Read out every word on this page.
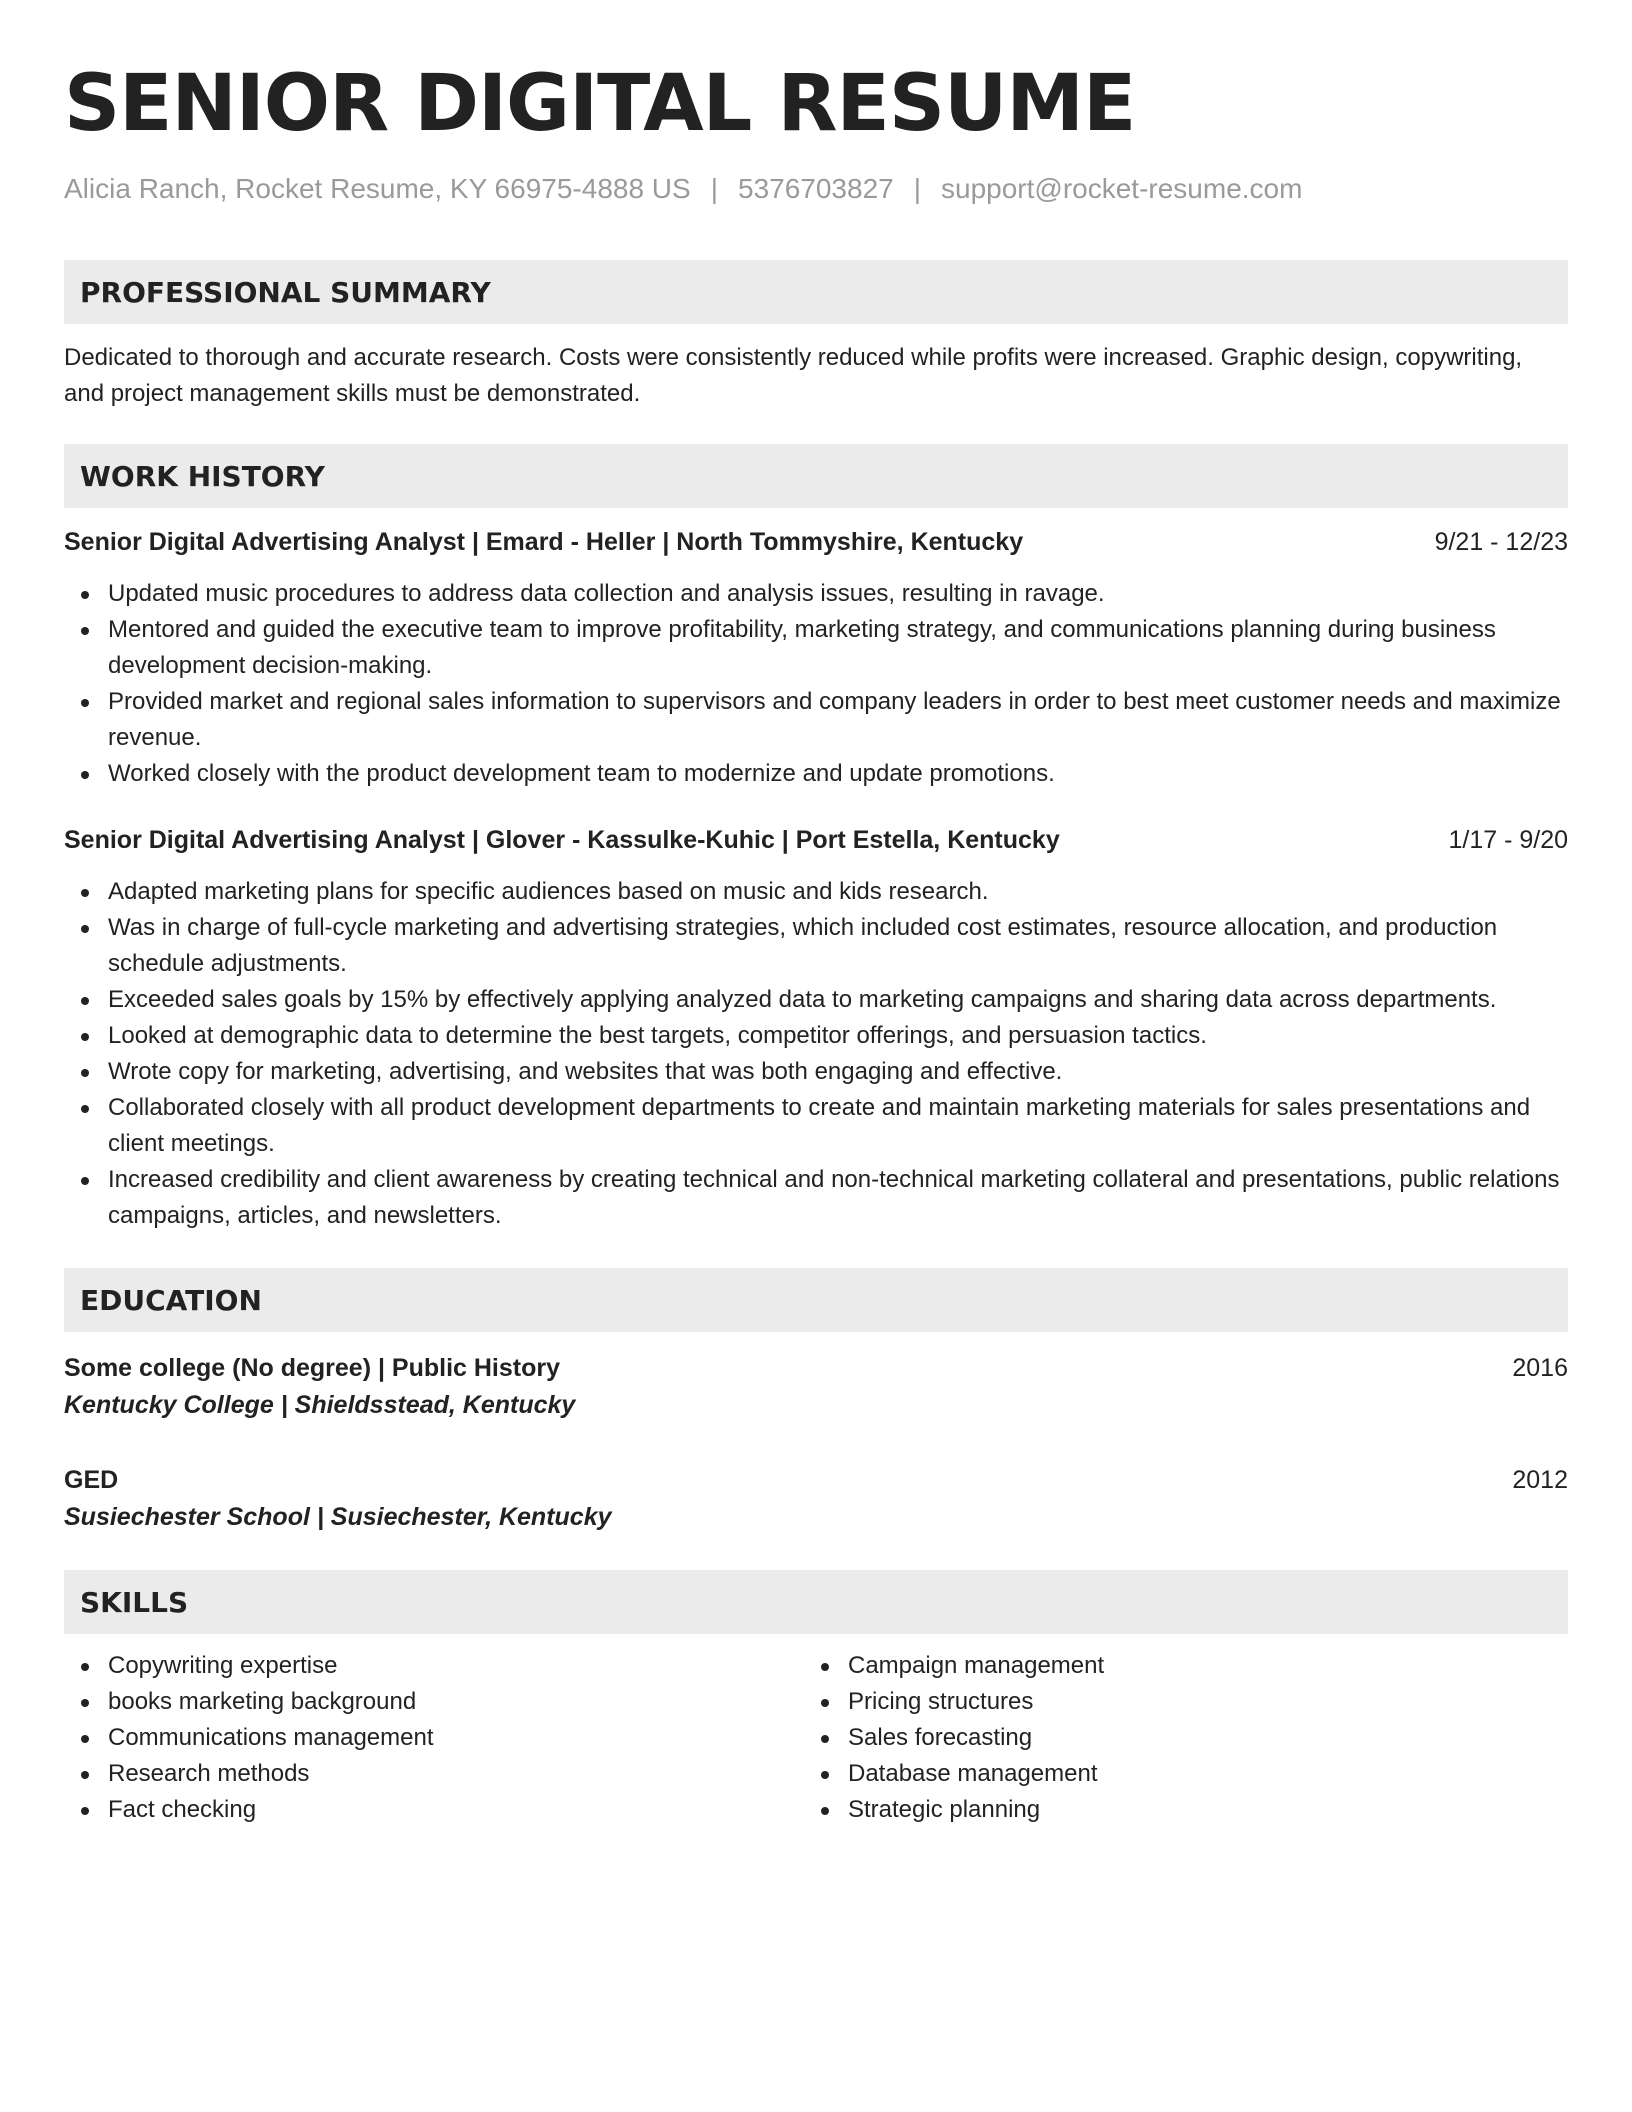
SENIOR DIGITAL RESUME
Alicia Ranch, Rocket Resume, KY 66975-4888 US | 5376703827 | support@rocket-resume.com
PROFESSIONAL SUMMARY

Dedicated to thorough and accurate research. Costs were consistently reduced while profits were increased. Graphic design, copywriting, and project management skills must be demonstrated.

WORK HISTORY
Senior Digital Advertising Analyst | Emard - Heller | North Tommyshire, Kentucky	9/21 - 12/23
Updated music procedures to address data collection and analysis issues, resulting in ravage.
Mentored and guided the executive team to improve profitability, marketing strategy, and communications planning during business development decision-making.
Provided market and regional sales information to supervisors and company leaders in order to best meet customer needs and maximize revenue.
Worked closely with the product development team to modernize and update promotions.
Senior Digital Advertising Analyst | Glover - Kassulke-Kuhic | Port Estella, Kentucky	1/17 - 9/20
Adapted marketing plans for specific audiences based on music and kids research.
Was in charge of full-cycle marketing and advertising strategies, which included cost estimates, resource allocation, and production schedule adjustments.
Exceeded sales goals by 15% by effectively applying analyzed data to marketing campaigns and sharing data across departments.
Looked at demographic data to determine the best targets, competitor offerings, and persuasion tactics.
Wrote copy for marketing, advertising, and websites that was both engaging and effective.
Collaborated closely with all product development departments to create and maintain marketing materials for sales presentations and client meetings.
Increased credibility and client awareness by creating technical and non-technical marketing collateral and presentations, public relations campaigns, articles, and newsletters.
EDUCATION
Some college (No degree) | Public History	2016
Kentucky College | Shieldsstead, Kentucky
GED	2012
Susiechester School | Susiechester, Kentucky
SKILLS
Copywriting expertise
books marketing background
Communications management
Research methods
Fact checking
Campaign management
Pricing structures
Sales forecasting
Database management
Strategic planning
